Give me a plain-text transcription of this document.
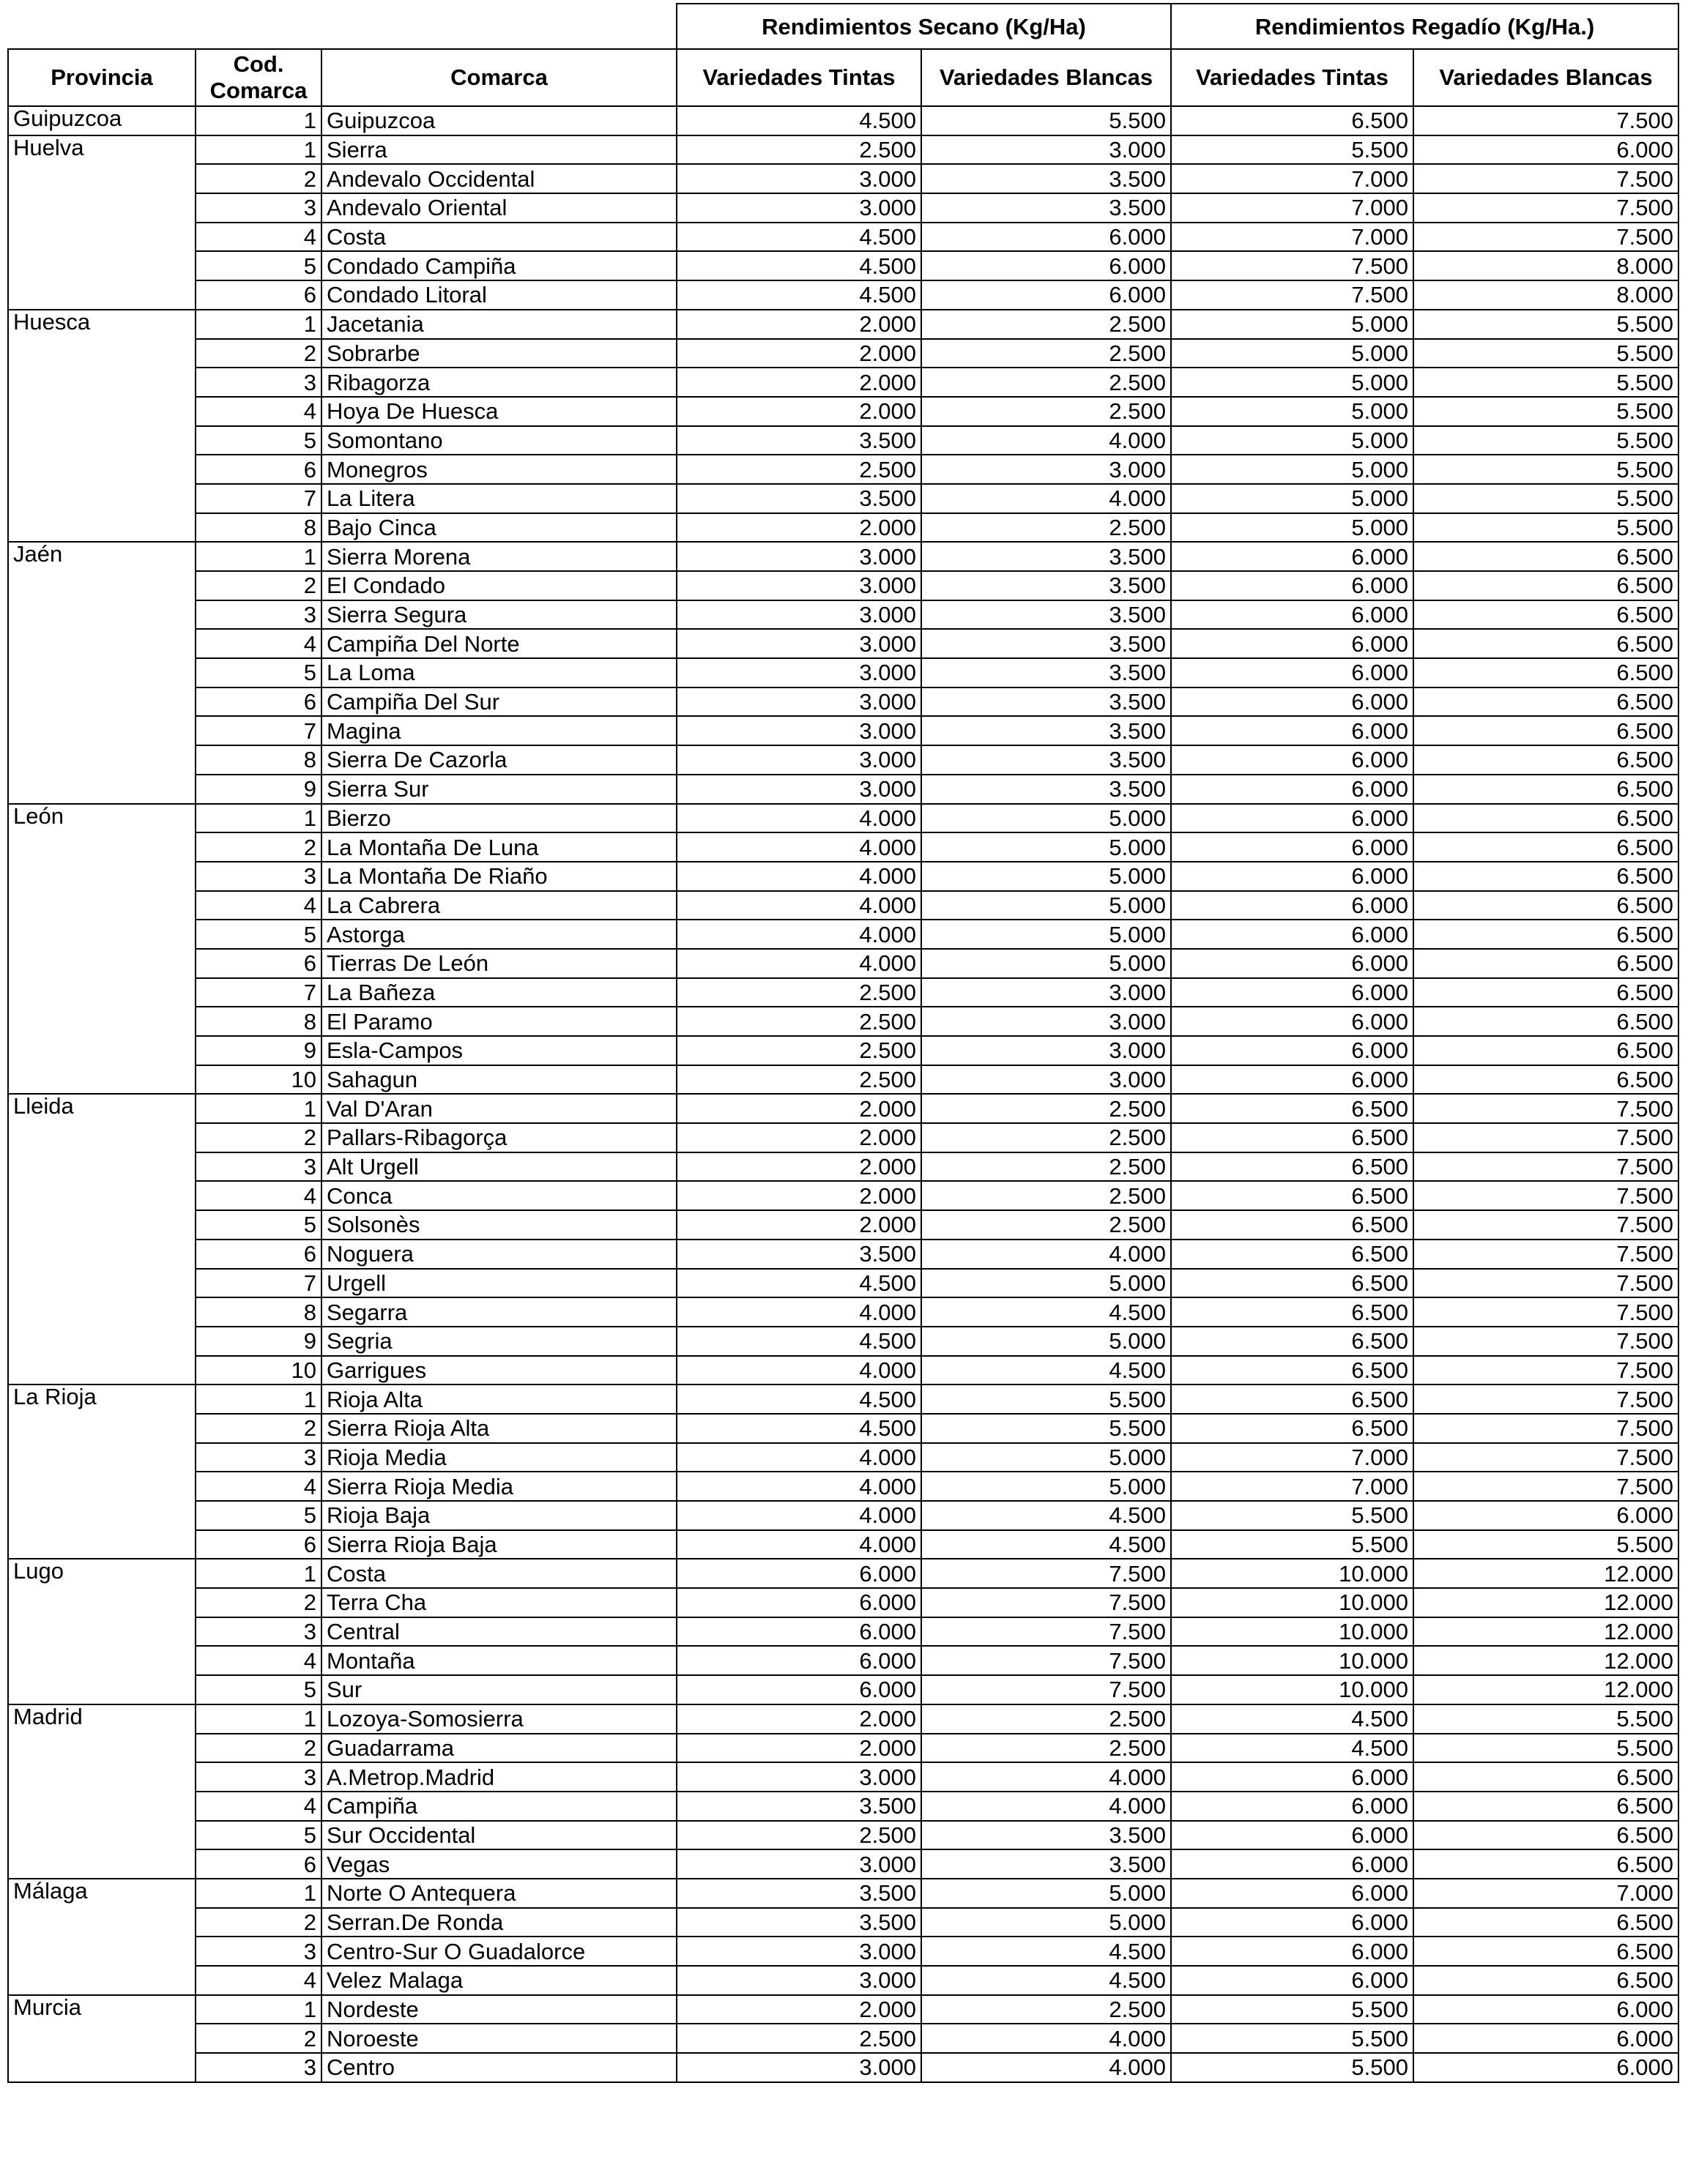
			Rendimientos Secano (Kg/Ha)		Rendimientos Regadío (Kg/Ha.)	
Provincia	Cod. Comarca	Comarca	Variedades Tintas	Variedades Blancas	Variedades Tintas	Variedades Blancas
Guipuzcoa	1	Guipuzcoa	4.500	5.500	6.500	7.500
Huelva	1	Sierra	2.500	3.000	5.500	6.000
	2	Andevalo Occidental	3.000	3.500	7.000	7.500
	3	Andevalo Oriental	3.000	3.500	7.000	7.500
	4	Costa	4.500	6.000	7.000	7.500
	5	Condado Campiña	4.500	6.000	7.500	8.000
	6	Condado Litoral	4.500	6.000	7.500	8.000
Huesca	1	Jacetania	2.000	2.500	5.000	5.500
	2	Sobrarbe	2.000	2.500	5.000	5.500
	3	Ribagorza	2.000	2.500	5.000	5.500
	4	Hoya De Huesca	2.000	2.500	5.000	5.500
	5	Somontano	3.500	4.000	5.000	5.500
	6	Monegros	2.500	3.000	5.000	5.500
	7	La Litera	3.500	4.000	5.000	5.500
	8	Bajo Cinca	2.000	2.500	5.000	5.500
Jaén	1	Sierra Morena	3.000	3.500	6.000	6.500
	2	El Condado	3.000	3.500	6.000	6.500
	3	Sierra Segura	3.000	3.500	6.000	6.500
	4	Campiña Del Norte	3.000	3.500	6.000	6.500
	5	La Loma	3.000	3.500	6.000	6.500
	6	Campiña Del Sur	3.000	3.500	6.000	6.500
	7	Magina	3.000	3.500	6.000	6.500
	8	Sierra De Cazorla	3.000	3.500	6.000	6.500
	9	Sierra Sur	3.000	3.500	6.000	6.500
León	1	Bierzo	4.000	5.000	6.000	6.500
	2	La Montaña De Luna	4.000	5.000	6.000	6.500
	3	La Montaña De Riaño	4.000	5.000	6.000	6.500
	4	La Cabrera	4.000	5.000	6.000	6.500
	5	Astorga	4.000	5.000	6.000	6.500
	6	Tierras De León	4.000	5.000	6.000	6.500
	7	La Bañeza	2.500	3.000	6.000	6.500
	8	El Paramo	2.500	3.000	6.000	6.500
	9	Esla-Campos	2.500	3.000	6.000	6.500
	10	Sahagun	2.500	3.000	6.000	6.500
Lleida	1	Val D'Aran	2.000	2.500	6.500	7.500
	2	Pallars-Ribagorça	2.000	2.500	6.500	7.500
	3	Alt Urgell	2.000	2.500	6.500	7.500
	4	Conca	2.000	2.500	6.500	7.500
	5	Solsonès	2.000	2.500	6.500	7.500
	6	Noguera	3.500	4.000	6.500	7.500
	7	Urgell	4.500	5.000	6.500	7.500
	8	Segarra	4.000	4.500	6.500	7.500
	9	Segria	4.500	5.000	6.500	7.500
	10	Garrigues	4.000	4.500	6.500	7.500
La Rioja	1	Rioja Alta	4.500	5.500	6.500	7.500
	2	Sierra Rioja Alta	4.500	5.500	6.500	7.500
	3	Rioja Media	4.000	5.000	7.000	7.500
	4	Sierra Rioja Media	4.000	5.000	7.000	7.500
	5	Rioja Baja	4.000	4.500	5.500	6.000
	6	Sierra Rioja Baja	4.000	4.500	5.500	5.500
Lugo	1	Costa	6.000	7.500	10.000	12.000
	2	Terra Cha	6.000	7.500	10.000	12.000
	3	Central	6.000	7.500	10.000	12.000
	4	Montaña	6.000	7.500	10.000	12.000
	5	Sur	6.000	7.500	10.000	12.000
Madrid	1	Lozoya-Somosierra	2.000	2.500	4.500	5.500
	2	Guadarrama	2.000	2.500	4.500	5.500
	3	A.Metrop.Madrid	3.000	4.000	6.000	6.500
	4	Campiña	3.500	4.000	6.000	6.500
	5	Sur Occidental	2.500	3.500	6.000	6.500
	6	Vegas	3.000	3.500	6.000	6.500
Málaga	1	Norte O Antequera	3.500	5.000	6.000	7.000
	2	Serran.De Ronda	3.500	5.000	6.000	6.500
	3	Centro-Sur O Guadalorce	3.000	4.500	6.000	6.500
	4	Velez Malaga	3.000	4.500	6.000	6.500
Murcia	1	Nordeste	2.000	2.500	5.500	6.000
	2	Noroeste	2.500	4.000	5.500	6.000
	3	Centro	3.000	4.000	5.500	6.000
